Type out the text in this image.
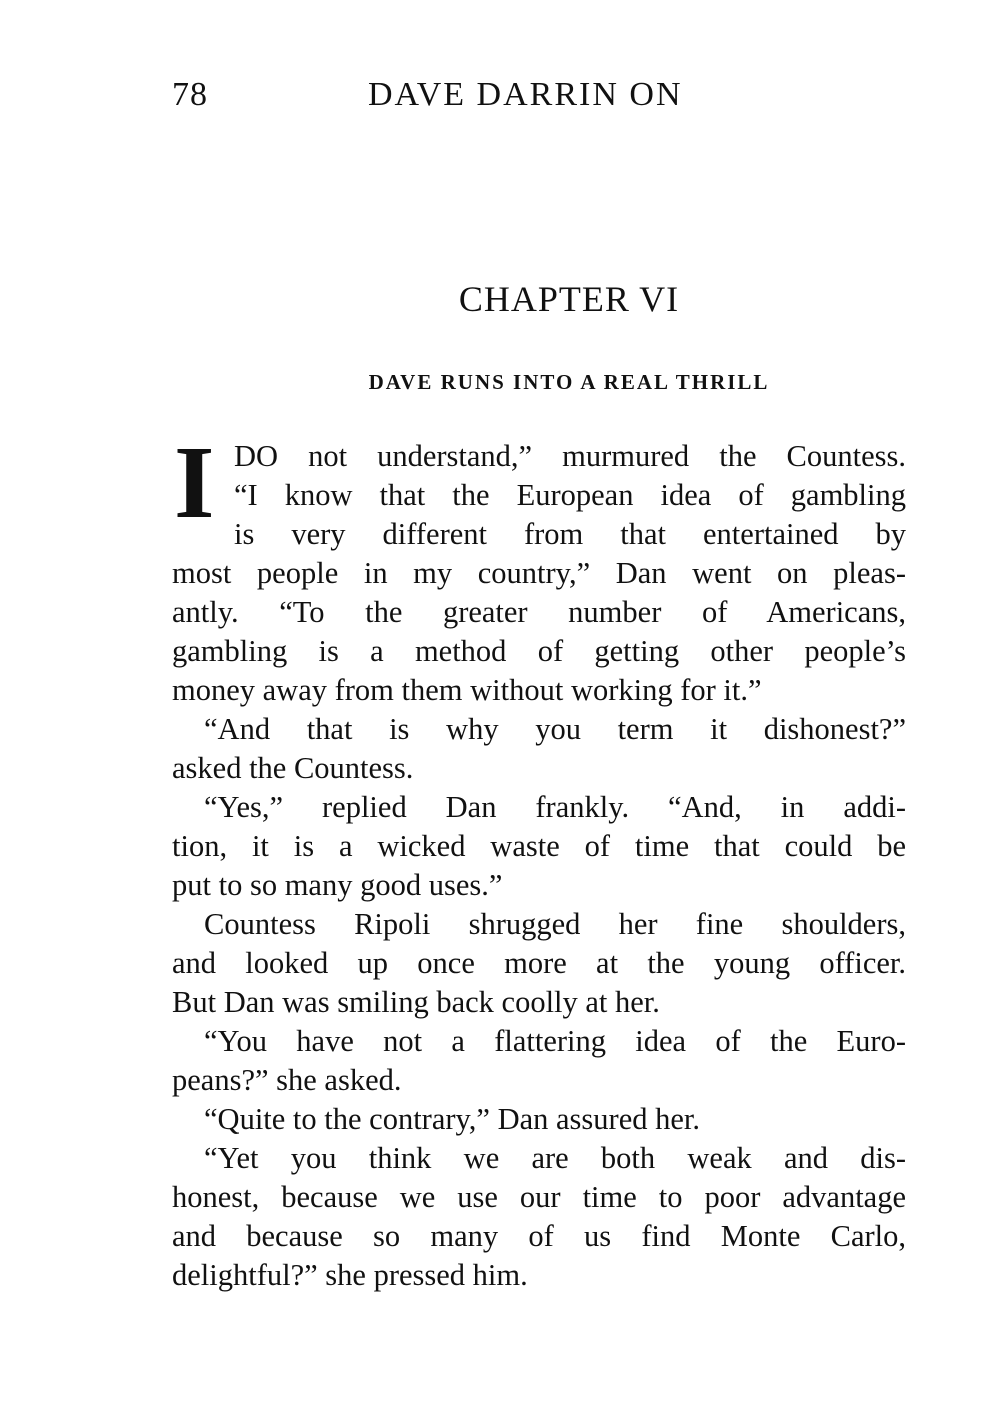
78	DAVE DARRIN ON
CHAPTER VI
DAVE RUNS INTO A REAL THRILL
I DO not understand,” murmured the Countess.
“I know that the European idea of gambling
is very different from that entertained by
most people in my country,” Dan went on pleas-
antly. “To the greater number of Americans,
gambling is a method of getting other people’s
money away from them without working for it.”
“And that is why you term it dishonest?”
asked the Countess.
“Yes,” replied Dan frankly. “And, in addi-
tion, it is a wicked waste of time that could be
put to so many good uses.”
Countess Ripoli shrugged her fine shoulders,
and looked up once more at the young officer.
But Dan was smiling back coolly at her.
“You have not a flattering idea of the Euro-
peans?” she asked.
“Quite to the contrary,” Dan assured her.
“Yet you think we are both weak and dis-
honest, because we use our time to poor advantage
and because so many of us find Monte Carlo,
delightful?” she pressed him.
